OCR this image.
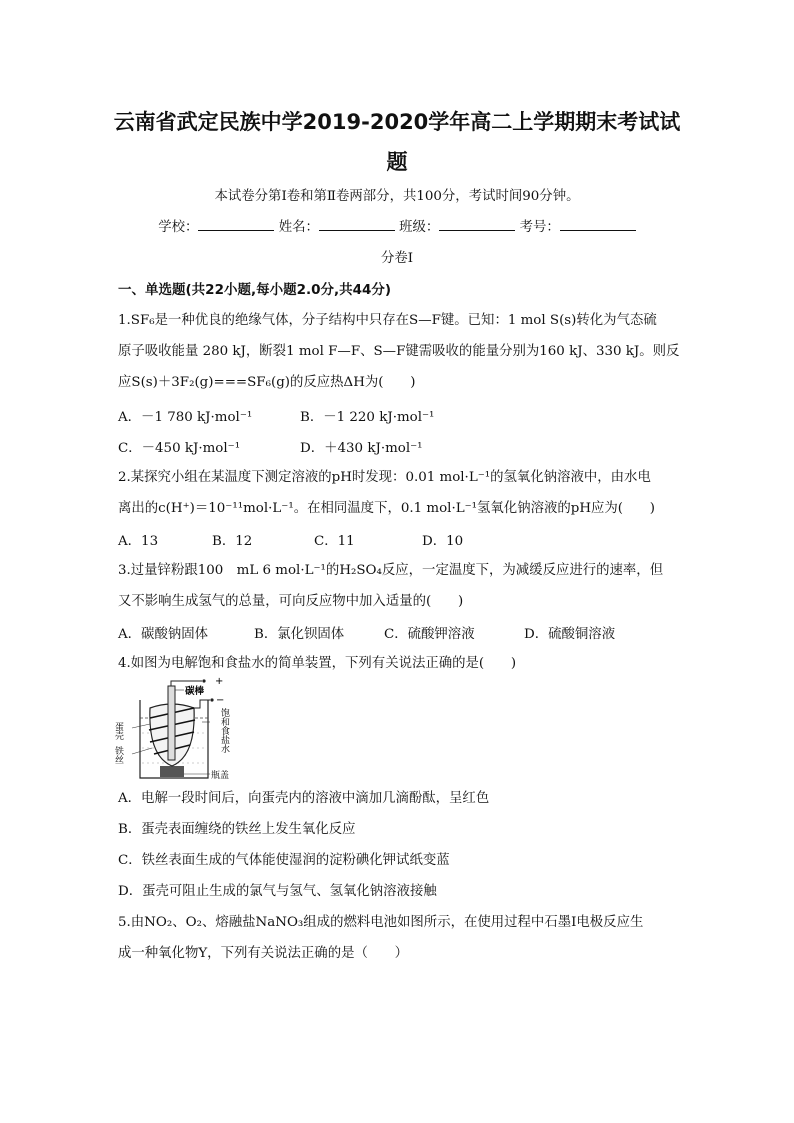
云南省武定民族中学2019-2020学年高二上学期期末考试试
题
本试卷分第Ⅰ卷和第Ⅱ卷两部分，共100分，考试时间90分钟。
学校：	姓名：	班级：	考号：
分卷I
一、单选题(共22小题,每小题2.0分,共44分)
1.SF₆是一种优良的绝缘气体，分子结构中只存在S—F键。已知：1 mol S(s)转化为气态硫
原子吸收能量 280 kJ，断裂1 mol F—F、S—F键需吸收的能量分别为160 kJ、330 kJ。则反
应S(s)＋3F₂(g)===SF₆(g)的反应热ΔH为(　　)
A．－1 780 kJ·mol⁻¹	B．－1 220 kJ·mol⁻¹
C．－450 kJ·mol⁻¹	D．＋430 kJ·mol⁻¹
2.某探究小组在某温度下测定溶液的pH时发现：0.01 mol·L⁻¹的氢氧化钠溶液中，由水电
离出的c(H⁺)＝10⁻¹¹mol·L⁻¹。在相同温度下，0.1 mol·L⁻¹氢氧化钠溶液的pH应为(　　)
A．13	B．12	C．11	D．10
3.过量锌粉跟100　mL 6 mol·L⁻¹的H₂SO₄反应，一定温度下，为减缓反应进行的速率，但
又不影响生成氢气的总量，可向反应物中加入适量的(　　)
A．碳酸钠固体	B．氯化钡固体	C．硫酸钾溶液	D．硫酸铜溶液
4.如图为电解饱和食盐水的简单装置，下列有关说法正确的是(　　)
+
−
碳棒
蛋壳
铁丝
饱和食盐水
瓶盖
A．电解一段时间后，向蛋壳内的溶液中滴加几滴酚酞，呈红色
B．蛋壳表面缠绕的铁丝上发生氧化反应
C．铁丝表面生成的气体能使湿润的淀粉碘化钾试纸变蓝
D．蛋壳可阻止生成的氯气与氢气、氢氧化钠溶液接触
5.由NO₂、O₂、熔融盐NaNO₃组成的燃料电池如图所示，在使用过程中石墨Ⅰ电极反应生
成一种氧化物Y，下列有关说法正确的是（　　）
